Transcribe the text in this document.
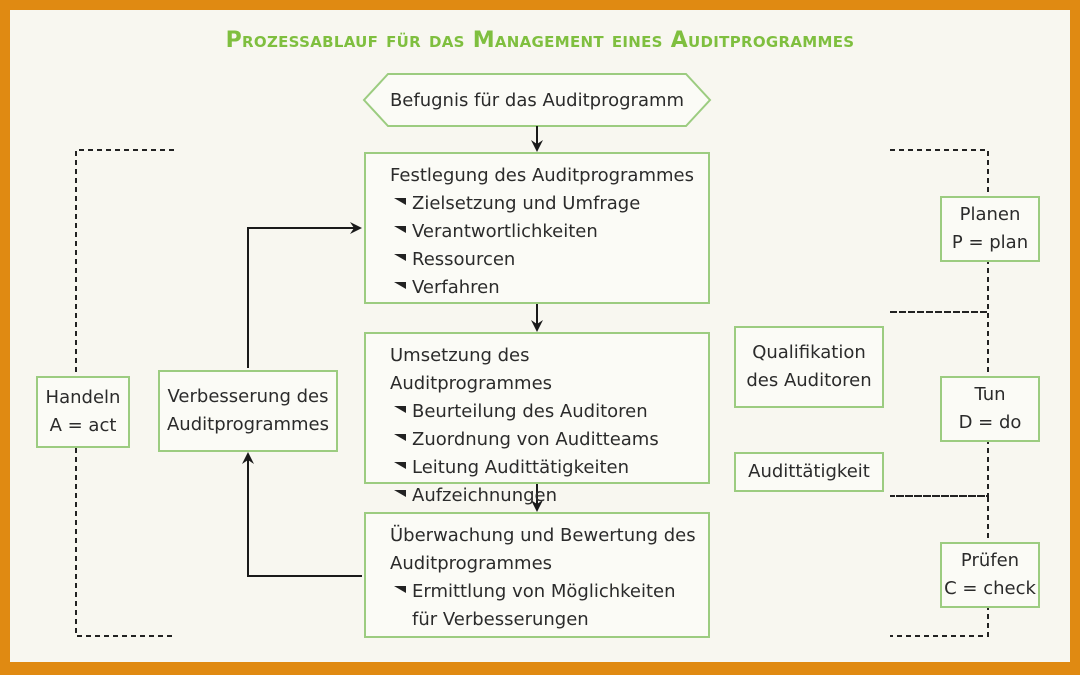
Prozessablauf für das Management eines Auditprogrammes
Befugnis für das Auditprogramm
Festlegung des Auditprogrammes
Zielsetzung und Umfrage
Verantwortlichkeiten
Ressourcen
Verfahren
Umsetzung des Auditprogrammes
Beurteilung des Auditoren
Zuordnung von Auditteams
Leitung Audittätigkeiten
Aufzeichnungen
Überwachung und Bewertung des
Auditprogrammes
Ermittlung von Möglichkeiten
für Verbesserungen
Verbesserung des
Auditprogrammes
Handeln
A = act
Qualifikation
des Auditoren
Audittätigkeit
Planen
P = plan
Tun
D = do
Prüfen
C = check
